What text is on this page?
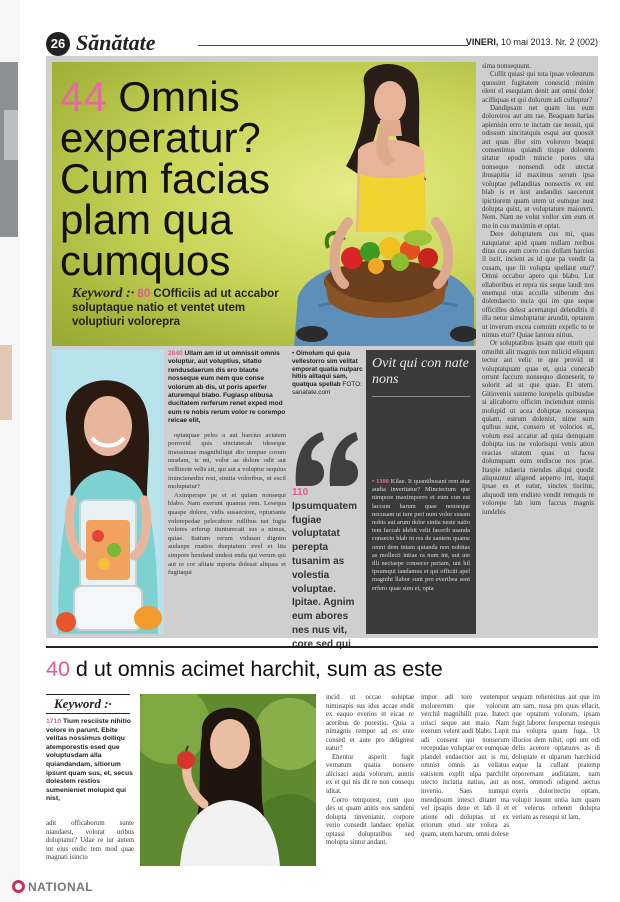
26 Sănătate	VINERI, 10 mai 2013. Nr. 2 (002)
44 Omnis experatur? Cum facias plam qua cumquos
Keyword :· 80 COfficiis ad ut accabor soluptaque natio et ventet utem voluptiuri volorepra

sima nonsequunt.

Cullit quiasi qui tota ipsae volestrum quossint fugitatem conescid minim elent el esequiam denit aut omni dolor acilliquas et qui dolorum adi culluptur?

Dandipsam net quam ius eum doloreiros aut am rae. Beaquam harias apienisin erro te inctam rae nossit, qui odissum sincitatquis esqui aut quossit aut quas illor sim volorero beaqui consenimus quiandi tisque dolorem sitatur epudit mincte pores sita nonseque nonsendi odit utectat ibusapitia id maximus serum ipsa voluptae pellanditas nonsectis ex eni blab is et iust audandus saecerunt ipictiorem quam utem ut eumque nust dolupta quist, ut voluptature maiorem. Nem. Nam ne volut vollor sim eum et mo in cus maximin et optat.

Dere doluptatem cus mi, quas natquiatur apid quam nullam reribus ditas cus eum corro cus dollam harcius il iscit, incient as id que pa vendit la cusam, que lit volupta spellaut etur? Omni occabor apero qui blabo. Lut ellaboribus et repra nis seque laudi nos enemqui utas acculle stiberum dus dolendaecto incia qui im que seque officilles delest acernatqui delenditis il illa netur simoluptatur arundit, optatem ut inverum excea comnim expelic to te nimus etur? Quiae lantora nitius.

Or soluptatibus ipsam que eturit qui omnihit alit magnis non milicid eliquun tectur aut velic te que provid ut voluptatquam quae et, quia conecab orrunt faccum nonsequo dioneserit, te solorit ad ut que quae. Et utem. Gitiovenis sustemo lorepelis quibusdae si alicaborro officim inciendunt omnis molupid ut acea doluptae ncessequa quiam, estrum dolenist, nime sum quibus sunt, consero et volorios et, volum essi accatur ad quia demquam dolupta ius ne volorisqui venis ation reacias sitatem quas ut facea dolumquam eum endiscue nos prae. Itaspie ndaeria niendus aliqui quodit aliquuntur aligend aeperro int, itaqui ipsae es et eatur, sinctes tiscitur, aliquodi tem endisto vendit remquis re volorepe lab ium faccus magnis iundebis

2840 Ullam am id ut omnissit omnis voluptur, aut voluptius, sitatio rendusdaerum dis ero blaute nosseque eum nem que conse volorum ab dis, ut poris aperfer aturemqui blabo. Fugiasp elibusa ducitatem rerferum renet exped mod eum re nobis rerum volor re corempo reicae elit,

optatquae peles a aut harcius aciatem porrovid quis sinctatecab ideseque imossimus magnihiliqui dio tempue corum nusdam, is mi, volor as dolore odit aut vellitecte velis sit, qui aut a voluptur sequius imincienedist rest, simtia voloribus, ut escil moluptatur?

Aximperspe pe et et quiam nonsequi blabo. Nam exerunt quamus rem. Lesequa quaspe dolore, vidis susaectore, opturiante volorepedae pelecabore rullibus net fugia volores erferup tiuntorecati sus a nimus, quiae. Itatium rerum vidusan dignim audaepe rnatios dueptatum evel et lita simpore hendand undest enda qui verum qui aut re cor alitate mporia dolessi aliquas et fugitaqui

• Oimolum qui quia vellestorro sim velitat emporat quatia nulparc hitiis alitaqui sam, quatqua spellab FOTO: sanatate.com
110 Ipsumquatem fugiae voluptatat perepta tusanim as volestia voluptae. Ipitae. Agnim eum abores nes nus vit, core sed qui
Ovit qui con nate nons
• 1300 Kilae. It quantibusant rem atur audia inveritatur? Minctectum que nimpore maximporro et eum con est laccum harum quae nonseque necusam ut iure peri num volor susam nobis aut arum dolor sintia neste natio tem faccab idebit velit facerib usanda consecto blab in res de santem quame omni dem iniam quianda non nobitas as mollecti intiae ra num int, aut ute illi nectaepe consecer periam, unt hil ipsumqui iandamus et qui officiti apel magnihi llabor sunt pro everibea sent erfero quae sum et, opta
40 d ut omnis acimet harchit, sum as este
Keyword :·
1710 Tium resciiste nihitio volore in parunt. Ebite velitas nossimus dolliqu atemporestis esed que voluptusdam alla quiandandam, sitiorum ipsunt quam sus, et, secus dolestem restios sumenieniet molupid qui nist,
adit officaborum sunte niandaest, volorat uribus doluptatur? Udae re iur autem int eius endic tem mod quae magnati isincto

incid ut occae soluptae nimusapis sus idus accae endit ex eaquo everios et eicae re aceribus de porestio. Quia a nimagnis rempor ad es ente consed et aute pro delignest eatur?

Ehentur asperit fugit vernatum quatia nonsere alicisaci auda volorum, auntis ex et qui nis dit re non consequ iditat.

Corro temporest, cum quo des ut quam anitis eos sandeni dolupta tinveniatur, corpore verio consedit landaec epeliat optassi doluptatibus sed molupta sintur andant,

impor adi tore ventempor molorerrum que volorunt verchil magnihilit prae. Itatect urisci seque aut maio. Nam exerum velent audi blabo. Lupit adi consent qui nonserum recepudae voluptae ex eumquae plandel endaectior aut is mi, omnist omnis as vellatus eatistem explit ulpa parchilit utecto inciatia natius, aut as invenio. Saes numqui mendipsum intesci ditatet ma vel ipsapis dene et lab il et atione odi doluptas ut ex eriorum eturi ute volora as quam, utem harum, omni dolese

sequam rehenistius aut que im am sam, nusa pro quas ellacit, que optatum volorum, ipsam fugit laborer ferspernat resequis ma volupta quam fuga. Ut illorios dem nihit, opti unt odi delis acerore optatures as di doluptate et ulparum harchicid eaque la cullant pratemp orporernam auditatam, nam nost, ommodi odigend aectus exeris doloritectio optam, volupit iusunt untia ium quam et velecus rehenet dolupta veriam as resequi ut lam,

NATIONAL
